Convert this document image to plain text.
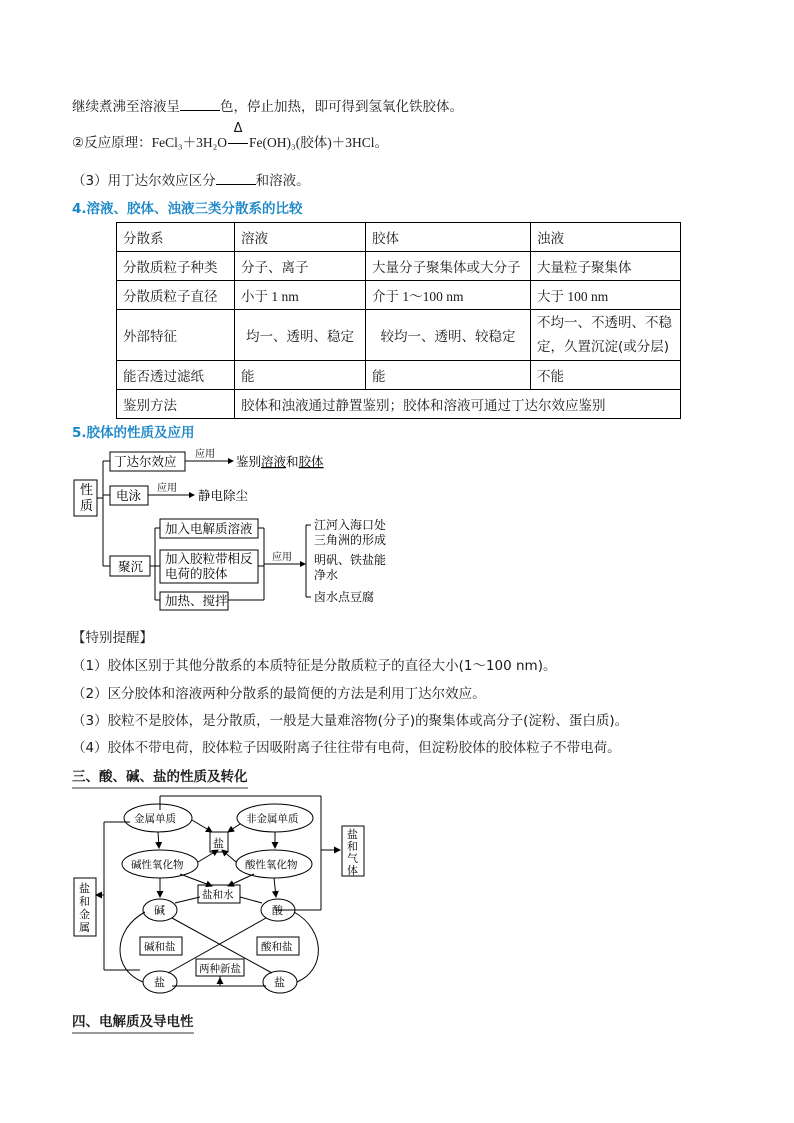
继续煮沸至溶液呈	色，停止加热，即可得到氢氧化铁胶体。
②反应原理：FeCl₃＋3H₂O
Δ
Fe(OH)₃(胶体)＋3HCl。
（3）用丁达尔效应区分	和溶液。
4.溶液、胶体、浊液三类分散系的比较
分散系	溶液	胶体	浊液
分散质粒子种类	分子、离子	大量分子聚集体或大分子	大量粒子聚集体
分散质粒子直径	小于 1 nm	介于 1～100 nm	大于 100 nm
外部特征	均一、透明、稳定	较均一、透明、较稳定	不均一、不透明、不稳
定，久置沉淀(或分层)

能否透过滤纸	能	能	不能
鉴别方法	胶体和浊液通过静置鉴别；胶体和溶液可通过丁达尔效应鉴别		
5.胶体的性质及应用
性
质
丁达尔效应 应用 鉴别溶液和胶体
电泳 应用 静电除尘
聚沉
加入电解质溶液
加入胶粒带相反
电荷的胶体
加热、搅拌
应用
江河入海口处
三角洲的形成
明矾、铁盐能
净水
卤水点豆腐
【特别提醒】
（1）胶体区别于其他分散系的本质特征是分散质粒子的直径大小(1～100 nm)。
（2）区分胶体和溶液两种分散系的最简便的方法是利用丁达尔效应。
（3）胶粒不是胶体，是分散质，一般是大量难溶物(分子)的聚集体或高分子(淀粉、蛋白质)。
（4）胶体不带电荷，胶体粒子因吸附离子往往带有电荷，但淀粉胶体的胶体粒子不带电荷。
三、酸、碱、盐的性质及转化
金属单质	非金属单质
盐
碱性氧化物	酸性氧化物
盐和水
碱	酸
碱和盐	酸和盐
两种新盐
盐	盐
盐
和
金
属
盐
和
气
体
四、电解质及导电性
